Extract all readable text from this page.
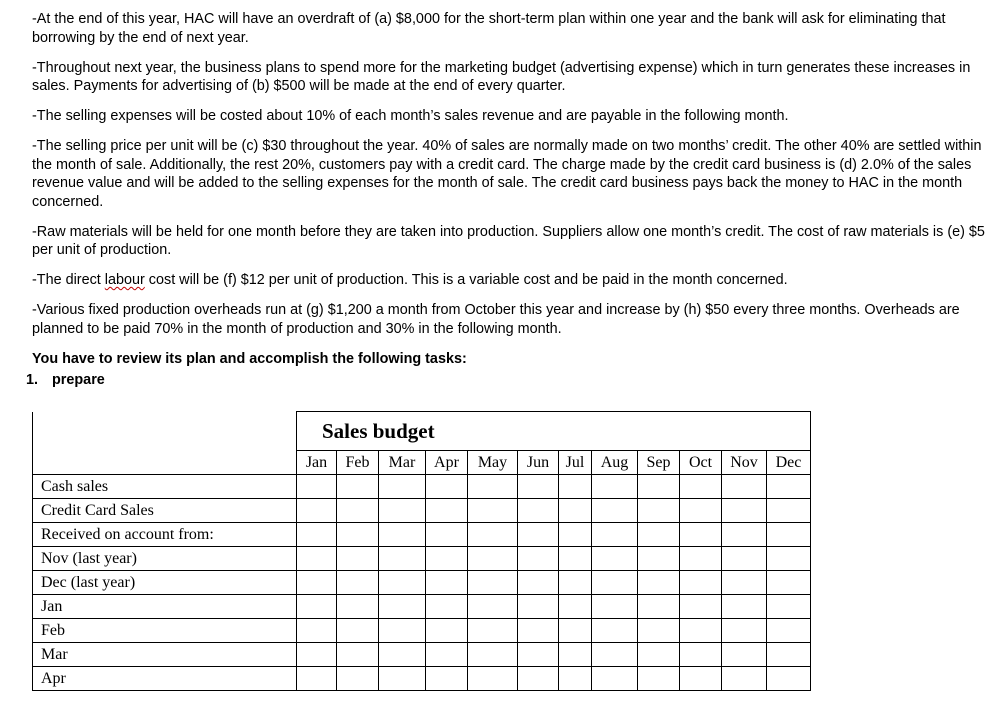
-At the end of this year, HAC will have an overdraft of (a) $8,000 for the short-term plan within one year and the bank will ask for eliminating that borrowing by the end of next year.

-Throughout next year, the business plans to spend more for the marketing budget (advertising expense) which in turn generates these increases in sales. Payments for advertising of (b) $500 will be made at the end of every quarter.

-The selling expenses will be costed about 10% of each month’s sales revenue and are payable in the following month.

-The selling price per unit will be (c) $30 throughout the year. 40% of sales are normally made on two months’ credit. The other 40% are settled within the month of sale. Additionally, the rest 20%, customers pay with a credit card. The charge made by the credit card business is (d) 2.0% of the sales revenue value and will be added to the selling expenses for the month of sale. The credit card business pays back the money to HAC in the month concerned.

-Raw materials will be held for one month before they are taken into production. Suppliers allow one month’s credit. The cost of raw materials is (e) $5 per unit of production.

-The direct labour cost will be (f) $12 per unit of production. This is a variable cost and be paid in the month concerned.

-Various fixed production overheads run at (g) $1,200 a month from October this year and increase by (h) $50 every three months. Overheads are planned to be paid 70% in the month of production and 30% in the following month.

You have to review its plan and accomplish the following tasks:

1. prepare
	Sales budget											
	Jan	Feb	Mar	Apr	May	Jun	Jul	Aug	Sep	Oct	Nov	Dec
Cash sales												
Credit Card Sales												
Received on account from:												
Nov (last year)												
Dec (last year)												
Jan												
Feb												
Mar												
Apr												
